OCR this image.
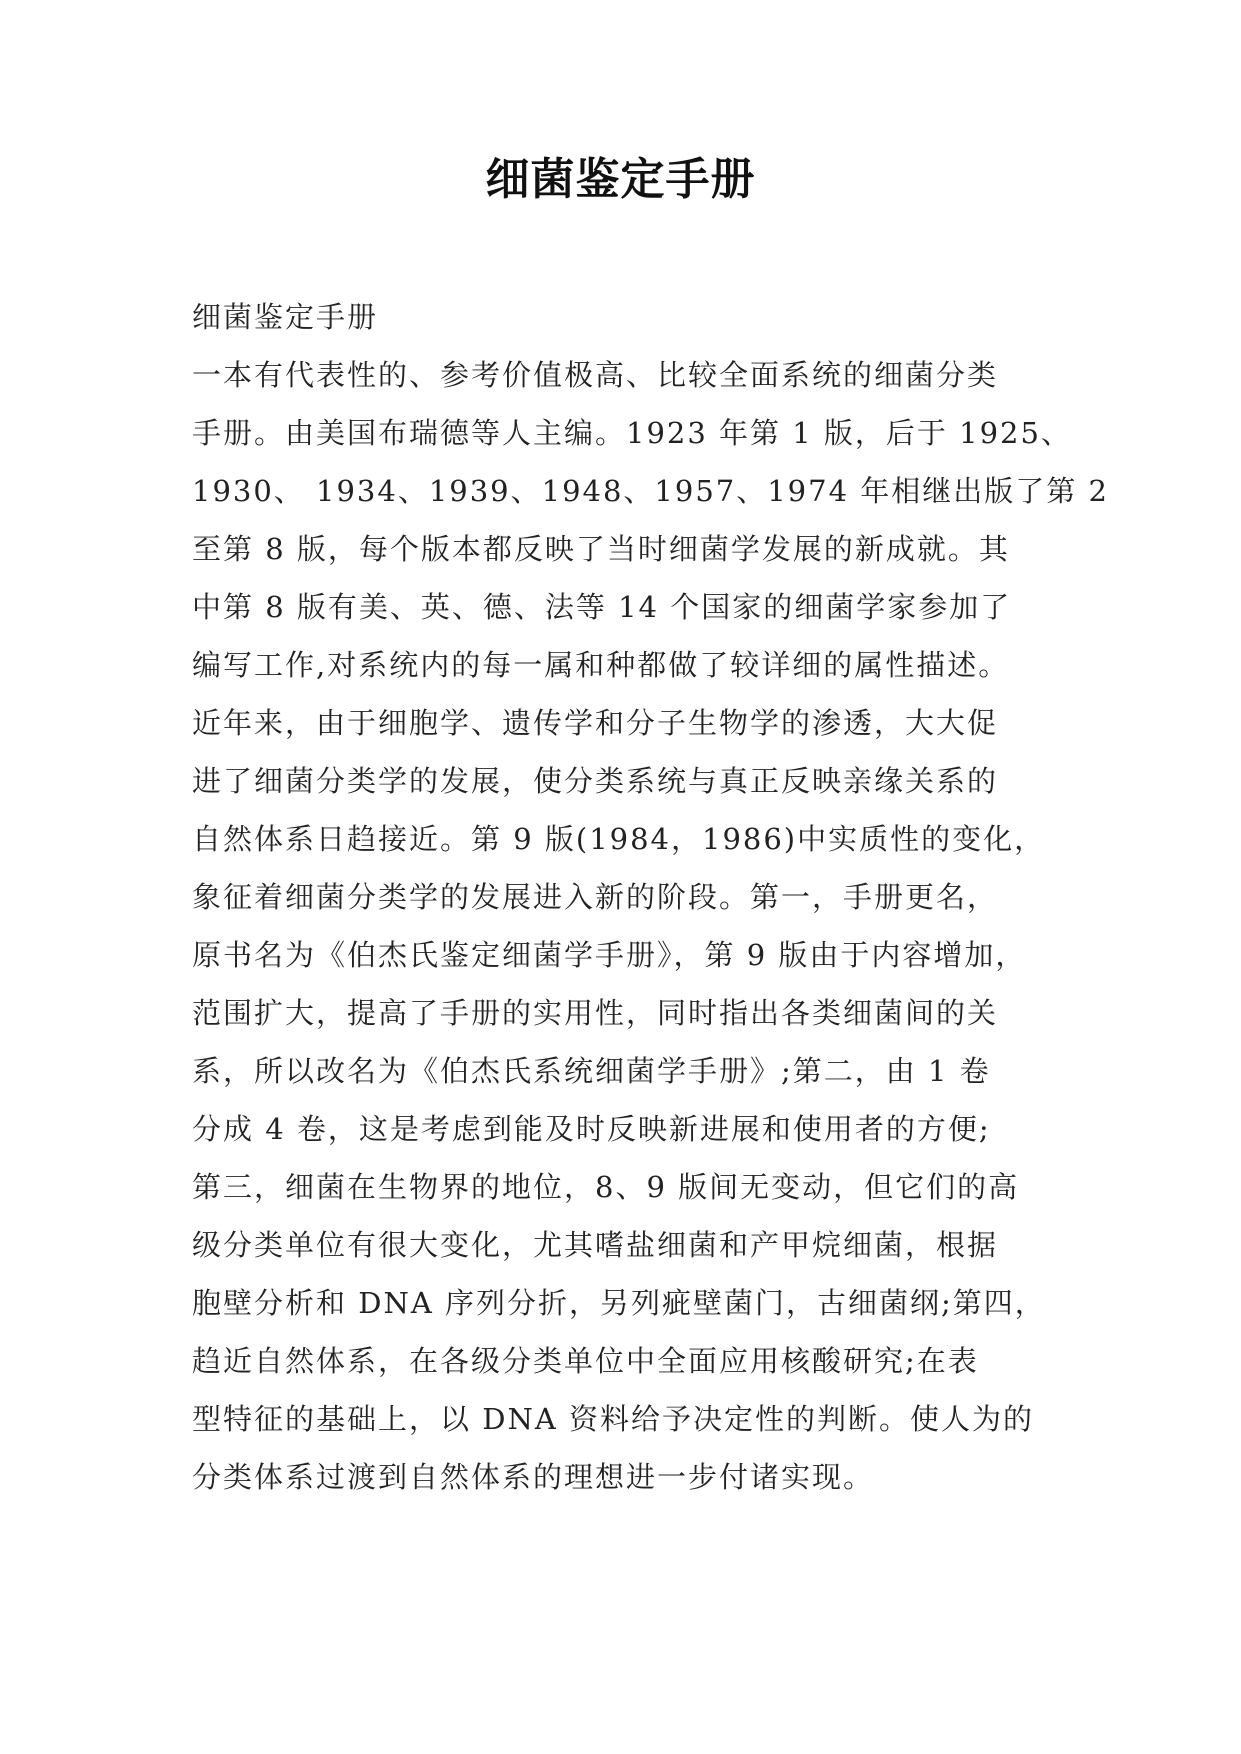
细菌鉴定手册
细菌鉴定手册
一本有代表性的、参考价值极高、比较全面系统的细菌分类
手册。由美国布瑞德等人主编。1923 年第 1 版，后于 1925、
1930、 1934、1939、1948、1957、1974 年相继出版了第 2
至第 8 版，每个版本都反映了当时细菌学发展的新成就。其
中第 8 版有美、英、德、法等 14 个国家的细菌学家参加了
编写工作,对系统内的每一属和种都做了较详细的属性描述。
近年来，由于细胞学、遗传学和分子生物学的渗透，大大促
进了细菌分类学的发展，使分类系统与真正反映亲缘关系的
自然体系日趋接近。第 9 版(1984，1986)中实质性的变化，
象征着细菌分类学的发展进入新的阶段。第一，手册更名，
原书名为《伯杰氏鉴定细菌学手册》，第 9 版由于内容增加，
范围扩大，提高了手册的实用性，同时指出各类细菌间的关
系，所以改名为《伯杰氏系统细菌学手册》;第二，由 1 卷
分成 4 卷，这是考虑到能及时反映新进展和使用者的方便;
第三，细菌在生物界的地位，8、9 版间无变动，但它们的高
级分类单位有很大变化，尤其嗜盐细菌和产甲烷细菌，根据
胞壁分析和 DNA 序列分折，另列疵壁菌门，古细菌纲;第四，
趋近自然体系，在各级分类单位中全面应用核酸研究;在表
型特征的基础上，以 DNA 资料给予决定性的判断。使人为的
分类体系过渡到自然体系的理想进一步付诸实现。
